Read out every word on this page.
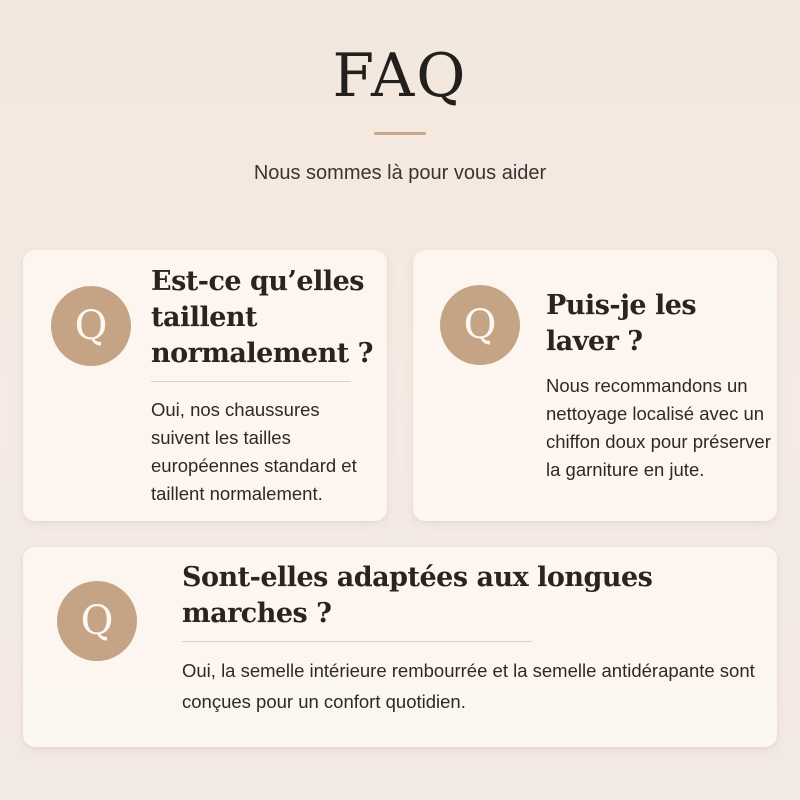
FAQ

Nous sommes là pour vous aider

Q
Est-ce qu’elles taillent normalement ?

Oui, nos chaussures suivent les tailles européennes standard et taillent normalement.

Q Puis-je les laver ?

Nous recommandons un nettoyage localisé avec un chiffon doux pour préserver la garniture en jute.

Q
Sont-elles adaptées aux longues marches ?

Oui, la semelle intérieure rembourrée et la semelle antidérapante sont conçues pour un confort quotidien.
